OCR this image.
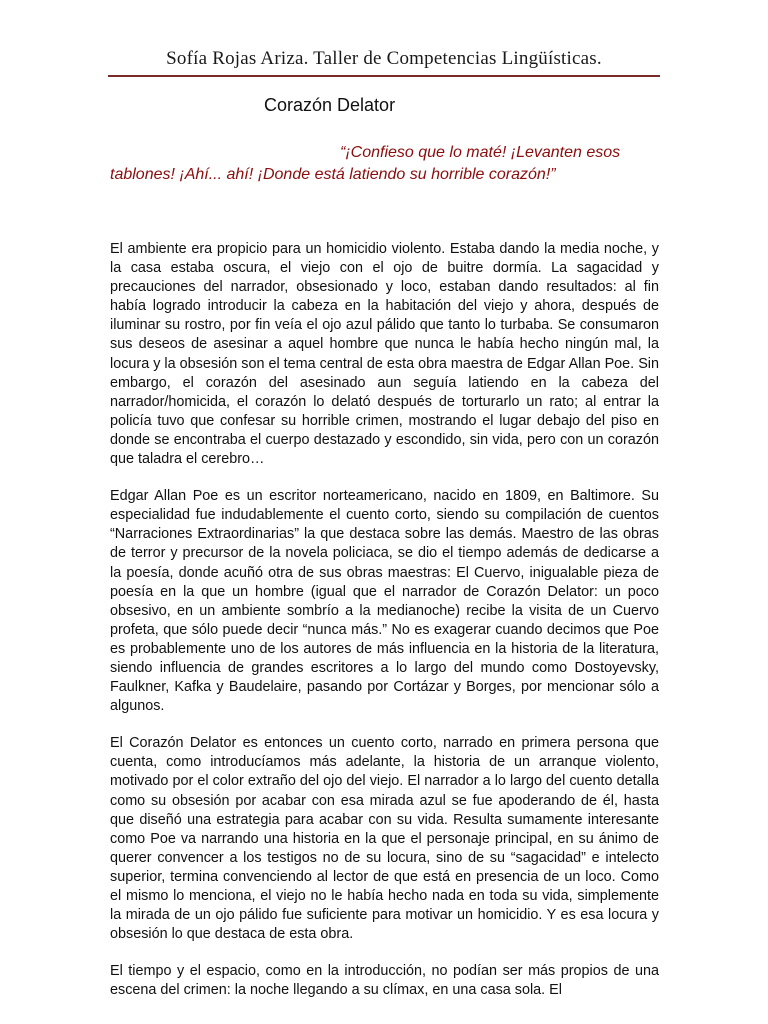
Sofía Rojas Ariza. Taller de Competencias Lingüísticas.
Corazón Delator
“¡Confieso que lo maté! ¡Levanten esos
tablones! ¡Ahí... ahí! ¡Donde está latiendo su horrible corazón!”

El ambiente era propicio para un homicidio violento. Estaba dando la media noche, y la casa estaba oscura, el viejo con el ojo de buitre dormía. La sagacidad y precauciones del narrador, obsesionado y loco, estaban dando resultados: al fin había logrado introducir la cabeza en la habitación del viejo y ahora, después de iluminar su rostro, por fin veía el ojo azul pálido que tanto lo turbaba. Se consumaron sus deseos de asesinar a aquel hombre que nunca le había hecho ningún mal, la locura y la obsesión son el tema central de esta obra maestra de Edgar Allan Poe. Sin embargo, el corazón del asesinado aun seguía latiendo en la cabeza del narrador/homicida, el corazón lo delató después de torturarlo un rato; al entrar la policía tuvo que confesar su horrible crimen, mostrando el lugar debajo del piso en donde se encontraba el cuerpo destazado y escondido, sin vida, pero con un corazón que taladra el cerebro…

Edgar Allan Poe es un escritor norteamericano, nacido en 1809, en Baltimore. Su especialidad fue indudablemente el cuento corto, siendo su compilación de cuentos “Narraciones Extraordinarias” la que destaca sobre las demás. Maestro de las obras de terror y precursor de la novela policiaca, se dio el tiempo además de dedicarse a la poesía, donde acuñó otra de sus obras maestras: El Cuervo, inigualable pieza de poesía en la que un hombre (igual que el narrador de Corazón Delator: un poco obsesivo, en un ambiente sombrío a la medianoche) recibe la visita de un Cuervo profeta, que sólo puede decir “nunca más.” No es exagerar cuando decimos que Poe es probablemente uno de los autores de más influencia en la historia de la literatura, siendo influencia de grandes escritores a lo largo del mundo como Dostoyevsky, Faulkner, Kafka y Baudelaire, pasando por Cortázar y Borges, por mencionar sólo a algunos.

El Corazón Delator es entonces un cuento corto, narrado en primera persona que cuenta, como introducíamos más adelante, la historia de un arranque violento, motivado por el color extraño del ojo del viejo. El narrador a lo largo del cuento detalla como su obsesión por acabar con esa mirada azul se fue apoderando de él, hasta que diseñó una estrategia para acabar con su vida. Resulta sumamente interesante como Poe va narrando una historia en la que el personaje principal, en su ánimo de querer convencer a los testigos no de su locura, sino de su “sagacidad” e intelecto superior, termina convenciendo al lector de que está en presencia de un loco. Como el mismo lo menciona, el viejo no le había hecho nada en toda su vida, simplemente la mirada de un ojo pálido fue suficiente para motivar un homicidio. Y es esa locura y obsesión lo que destaca de esta obra.

El tiempo y el espacio, como en la introducción, no podían ser más propios de una escena del crimen: la noche llegando a su clímax, en una casa sola. El
